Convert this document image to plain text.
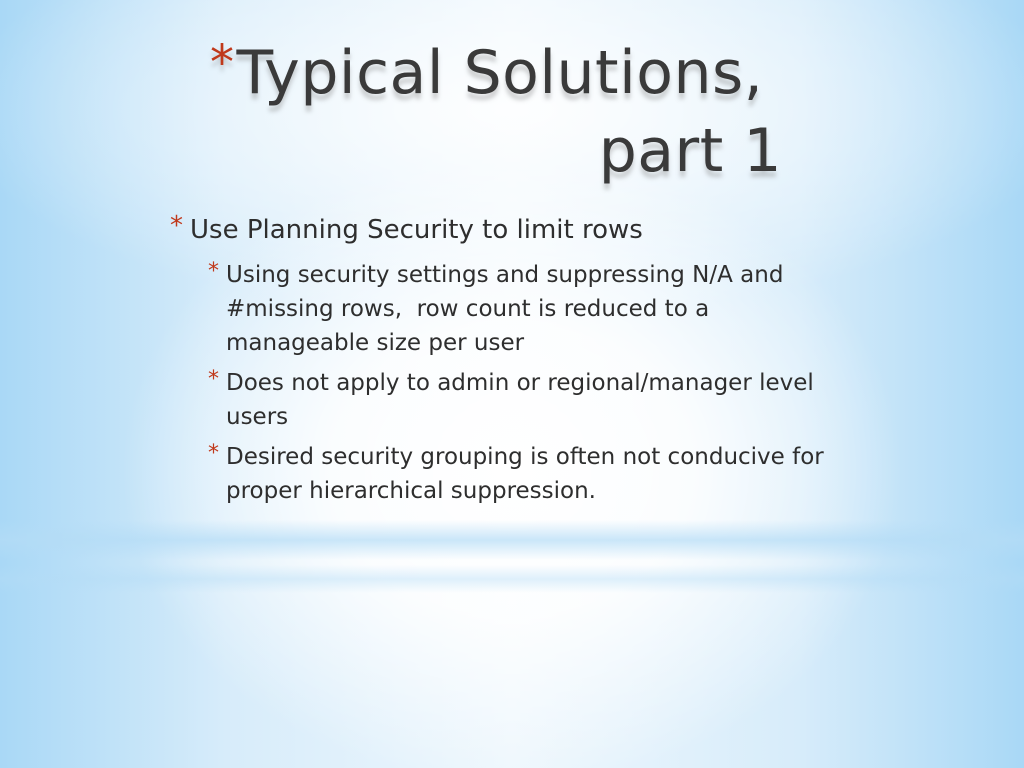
*Typical Solutions,
part 1
* Use Planning Security to limit rows
* Using security settings and suppressing N/A and #missing rows,  row count is reduced to a manageable size per user
* Does not apply to admin or regional/manager level users
* Desired security grouping is often not conducive for proper hierarchical suppression.
